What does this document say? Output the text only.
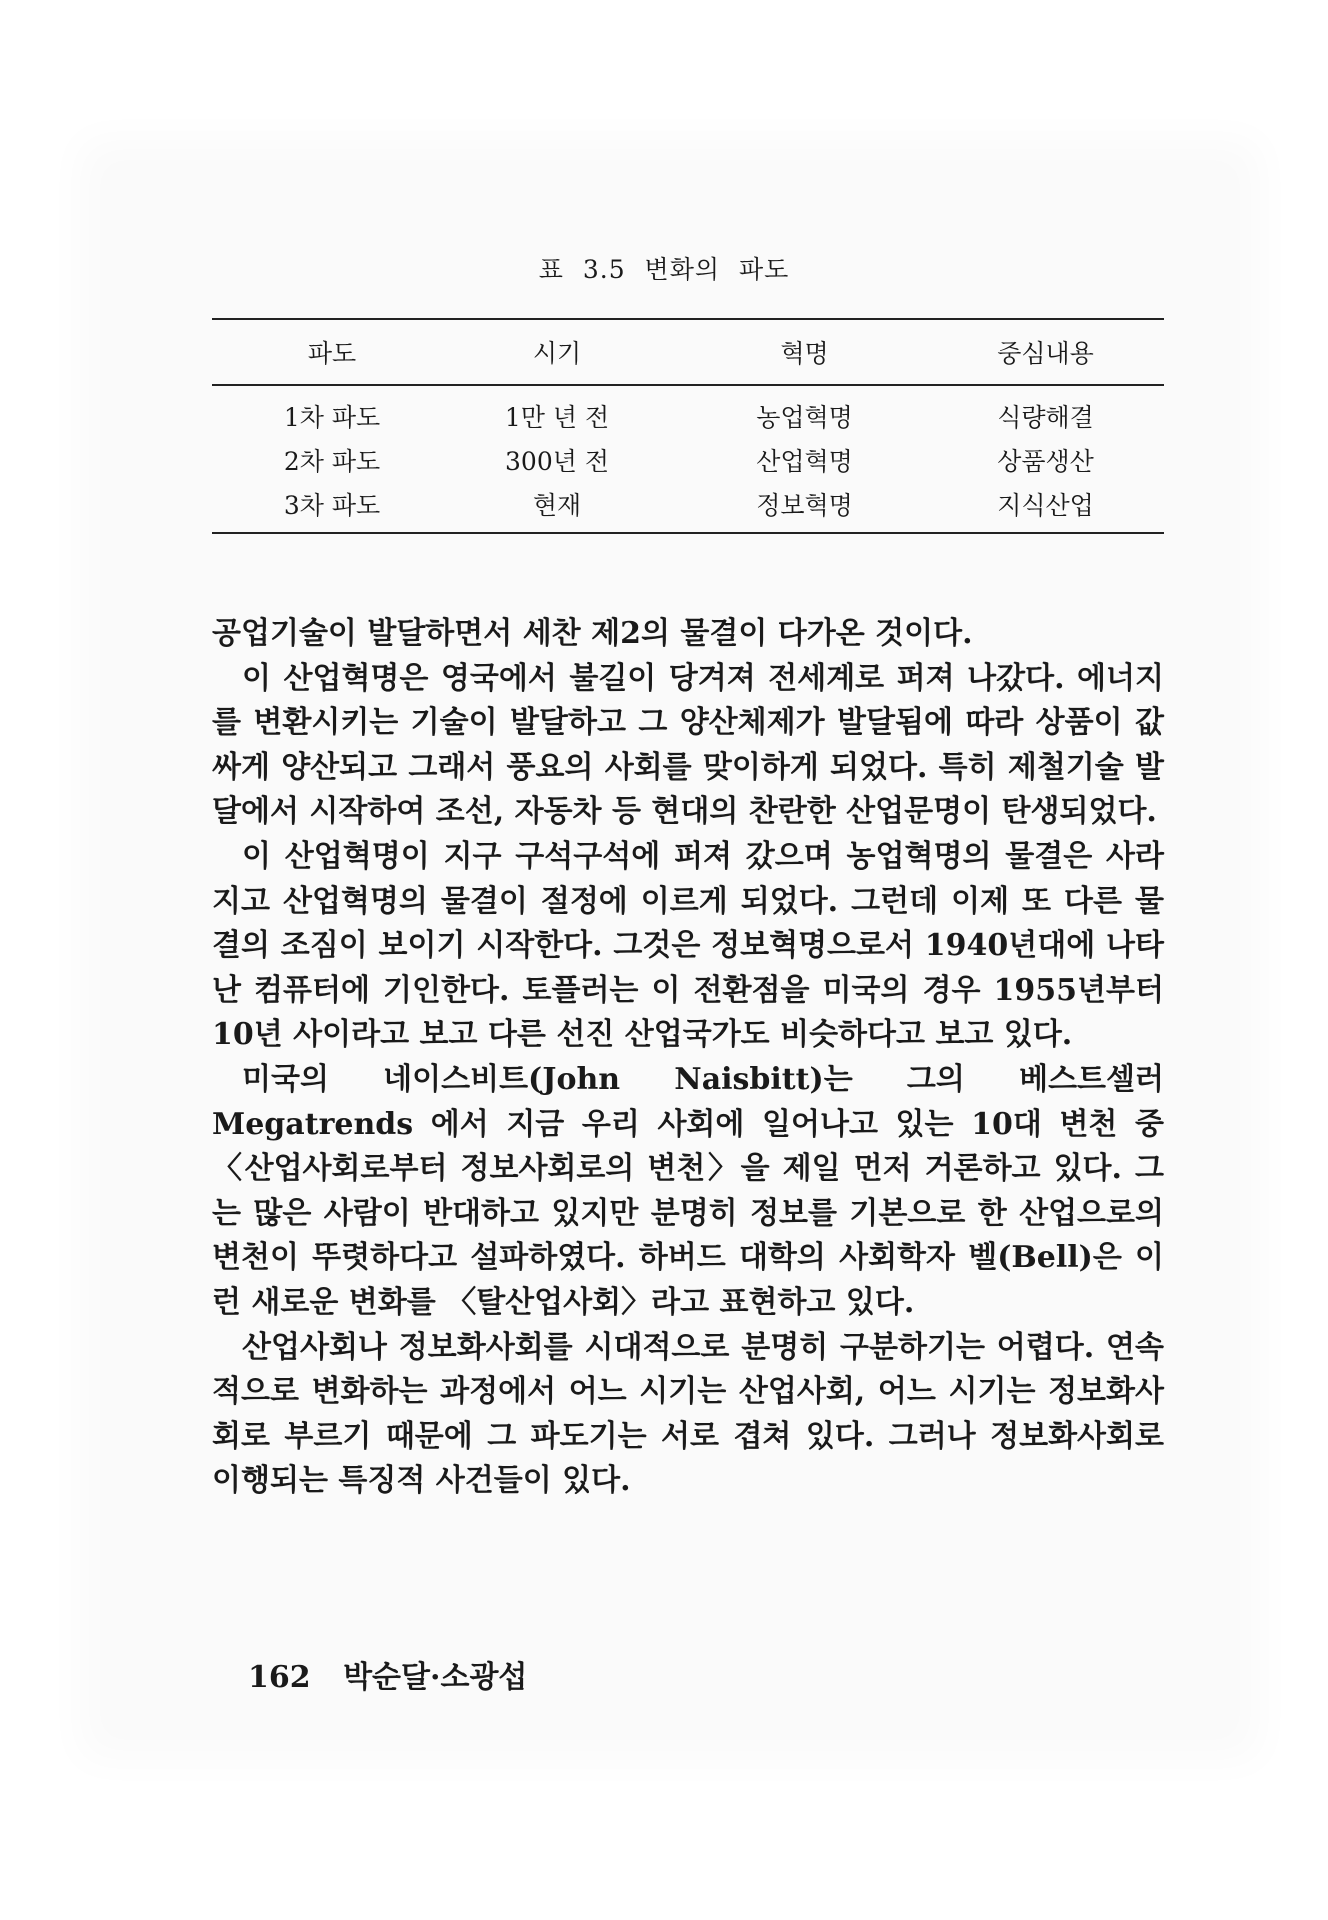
표 3.5 변화의 파도
파도	시기	혁명	중심내용
1차 파도	1만 년 전	농업혁명	식량해결
2차 파도	300년 전	산업혁명	상품생산
3차 파도	현재	정보혁명	지식산업

공업기술이 발달하면서 세찬 제2의 물결이 다가온 것이다.

이 산업혁명은 영국에서 불길이 당겨져 전세계로 퍼져 나갔다. 에너지를 변환시키는 기술이 발달하고 그 양산체제가 발달됨에 따라 상품이 값싸게 양산되고 그래서 풍요의 사회를 맞이하게 되었다. 특히 제철기술 발달에서 시작하여 조선, 자동차 등 현대의 찬란한 산업문명이 탄생되었다.

이 산업혁명이 지구 구석구석에 퍼져 갔으며 농업혁명의 물결은 사라지고 산업혁명의 물결이 절정에 이르게 되었다. 그런데 이제 또 다른 물결의 조짐이 보이기 시작한다. 그것은 정보혁명으로서 1940년대에 나타난 컴퓨터에 기인한다. 토플러는 이 전환점을 미국의 경우 1955년부터 10년 사이라고 보고 다른 선진 산업국가도 비슷하다고 보고 있다.

미국의 네이스비트(John Naisbitt)는 그의 베스트셀러 Megatrends 에서 지금 우리 사회에 일어나고 있는 10대 변천 중 〈산업사회로부터 정보사회로의 변천〉을 제일 먼저 거론하고 있다. 그는 많은 사람이 반대하고 있지만 분명히 정보를 기본으로 한 산업으로의 변천이 뚜렷하다고 설파하였다. 하버드 대학의 사회학자 벨(Bell)은 이런 새로운 변화를 〈탈산업사회〉라고 표현하고 있다.

산업사회나 정보화사회를 시대적으로 분명히 구분하기는 어렵다. 연속적으로 변화하는 과정에서 어느 시기는 산업사회, 어느 시기는 정보화사회로 부르기 때문에 그 파도기는 서로 겹쳐 있다. 그러나 정보화사회로 이행되는 특징적 사건들이 있다.

162 박순달·소광섭
